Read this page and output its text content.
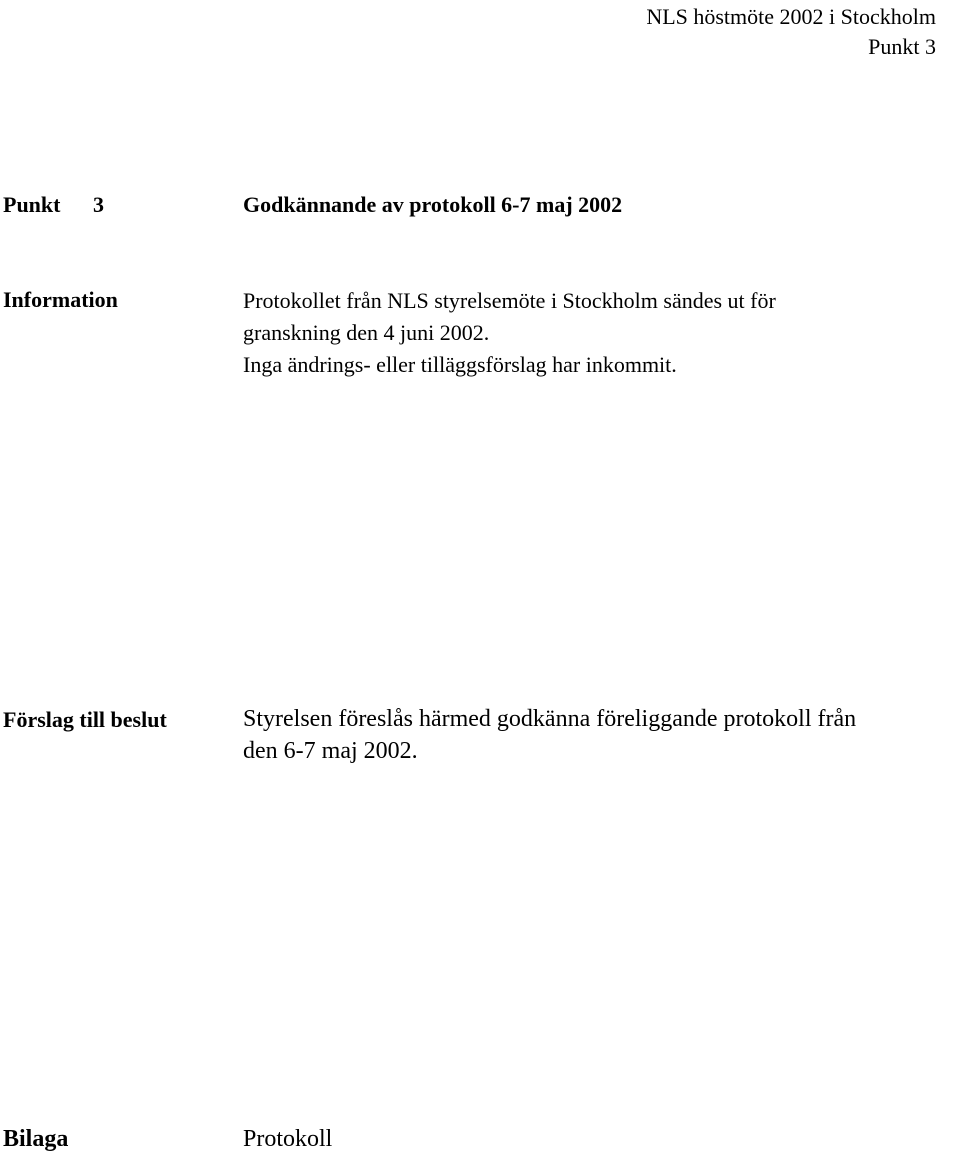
NLS höstmöte 2002 i Stockholm
Punkt 3
Punkt 3	Godkännande av protokoll 6-7 maj 2002
Information	Protokollet från NLS styrelsemöte i Stockholm sändes ut för
granskning den 4 juni 2002.
Inga ändrings- eller tilläggsförslag har inkommit.
Förslag till beslut	Styrelsen föreslås härmed godkänna föreliggande protokoll från
den 6-7 maj 2002.
Bilaga	Protokoll
